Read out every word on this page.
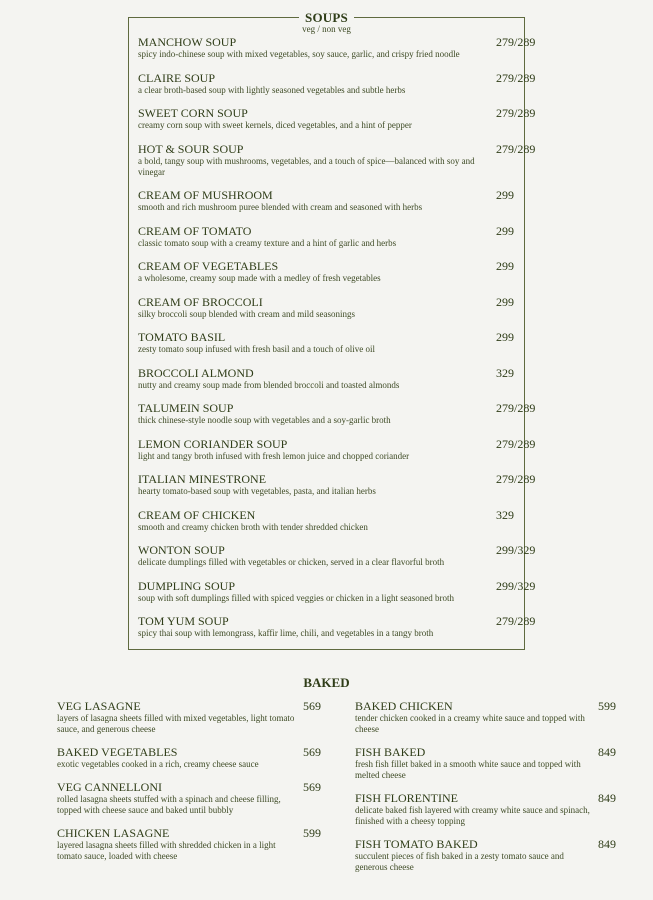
SOUPS
veg / non veg
MANCHOW SOUP
spicy indo-chinese soup with mixed vegetables, soy sauce, garlic, and crispy fried noodle
279/289
CLAIRE SOUP
a clear broth-based soup with lightly seasoned vegetables and subtle herbs
279/289
SWEET CORN SOUP
creamy corn soup with sweet kernels, diced vegetables, and a hint of pepper
279/289
HOT & SOUR SOUP
a bold, tangy soup with mushrooms, vegetables, and a touch of spice—balanced with soy and vinegar
279/289
CREAM OF MUSHROOM
smooth and rich mushroom puree blended with cream and seasoned with herbs
299
CREAM OF TOMATO
classic tomato soup with a creamy texture and a hint of garlic and herbs
299
CREAM OF VEGETABLES
a wholesome, creamy soup made with a medley of fresh vegetables
299
CREAM OF BROCCOLI
silky broccoli soup blended with cream and mild seasonings
299
TOMATO BASIL
zesty tomato soup infused with fresh basil and a touch of olive oil
299
BROCCOLI ALMOND
nutty and creamy soup made from blended broccoli and toasted almonds
329
TALUMEIN SOUP
thick chinese-style noodle soup with vegetables and a soy-garlic broth
279/289
LEMON CORIANDER SOUP
light and tangy broth infused with fresh lemon juice and chopped coriander
279/289
ITALIAN MINESTRONE
hearty tomato-based soup with vegetables, pasta, and italian herbs
279/289
CREAM OF CHICKEN
smooth and creamy chicken broth with tender shredded chicken
329
WONTON SOUP
delicate dumplings filled with vegetables or chicken, served in a clear flavorful broth
299/329
DUMPLING SOUP
soup with soft dumplings filled with spiced veggies or chicken in a light seasoned broth
299/329
TOM YUM SOUP
spicy thai soup with lemongrass, kaffir lime, chili, and vegetables in a tangy broth
279/289
BAKED
VEG LASAGNE
layers of lasagna sheets filled with mixed vegetables, light tomato sauce, and generous cheese
569
BAKED VEGETABLES
exotic vegetables cooked in a rich, creamy cheese sauce
569
VEG CANNELLONI
rolled lasagna sheets stuffed with a spinach and cheese filling, topped with cheese sauce and baked until bubbly
569
CHICKEN LASAGNE
layered lasagna sheets filled with shredded chicken in a light tomato sauce, loaded with cheese
599
BAKED CHICKEN
tender chicken cooked in a creamy white sauce and topped with cheese
599
FISH BAKED
fresh fish fillet baked in a smooth white sauce and topped with melted cheese
849
FISH FLORENTINE
delicate baked fish layered with creamy white sauce and spinach, finished with a cheesy topping
849
FISH TOMATO BAKED
succulent pieces of fish baked in a zesty tomato sauce and generous cheese
849
